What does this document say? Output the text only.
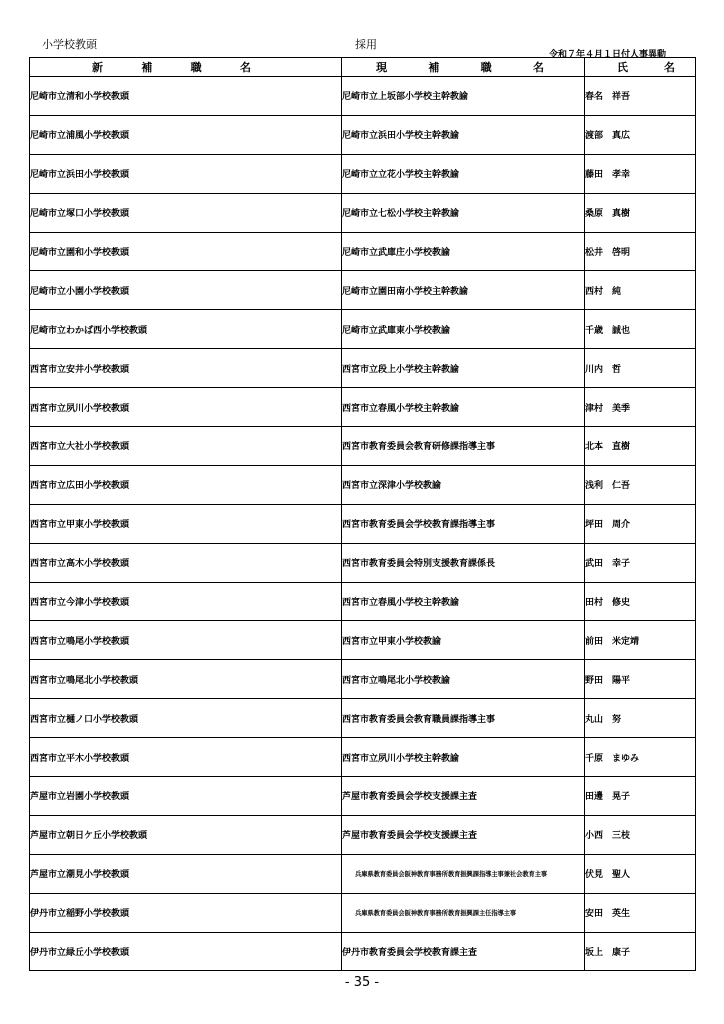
小学校教頭	採用
令和７年４月１日付人事異動
新 補 職 名	現 補 職 名	氏 名

尼崎市立清和小学校教頭	尼崎市立上坂部小学校主幹教諭	春名　祥吾
尼崎市立浦風小学校教頭	尼崎市立浜田小学校主幹教諭	渡部　真広
尼崎市立浜田小学校教頭	尼崎市立立花小学校主幹教諭	藤田　孝幸
尼崎市立塚口小学校教頭	尼崎市立七松小学校主幹教諭	桑原　真樹
尼崎市立園和小学校教頭	尼崎市立武庫庄小学校教諭	松井　啓明
尼崎市立小園小学校教頭	尼崎市立園田南小学校主幹教諭	西村　純
尼崎市立わかば西小学校教頭	尼崎市立武庫東小学校教諭	千歳　誠也
西宮市立安井小学校教頭	西宮市立段上小学校主幹教諭	川内　哲
西宮市立夙川小学校教頭	西宮市立春風小学校主幹教諭	津村　美季
西宮市立大社小学校教頭	西宮市教育委員会教育研修課指導主事	北本　直樹
西宮市立広田小学校教頭	西宮市立深津小学校教諭	浅利　仁吾
西宮市立甲東小学校教頭	西宮市教育委員会学校教育課指導主事	坪田　周介
西宮市立高木小学校教頭	西宮市教育委員会特別支援教育課係長	武田　幸子
西宮市立今津小学校教頭	西宮市立春風小学校主幹教諭	田村　修史
西宮市立鳴尾小学校教頭	西宮市立甲東小学校教諭	前田　米定靖
西宮市立鳴尾北小学校教頭	西宮市立鳴尾北小学校教諭	野田　陽平
西宮市立樋ノ口小学校教頭	西宮市教育委員会教育職員課指導主事	丸山　努
西宮市立平木小学校教頭	西宮市立夙川小学校主幹教諭	千原　まゆみ
芦屋市立岩園小学校教頭	芦屋市教育委員会学校支援課主査	田邊　晃子
芦屋市立朝日ケ丘小学校教頭	芦屋市教育委員会学校支援課主査	小西　三枝
芦屋市立潮見小学校教頭	兵庫県教育委員会阪神教育事務所教育振興課指導主事兼社会教育主事	伏見　聖人
伊丹市立稲野小学校教頭	兵庫県教育委員会阪神教育事務所教育振興課主任指導主事	安田　英生
伊丹市立緑丘小学校教頭	伊丹市教育委員会学校教育課主査	坂上　康子
- 35 -
